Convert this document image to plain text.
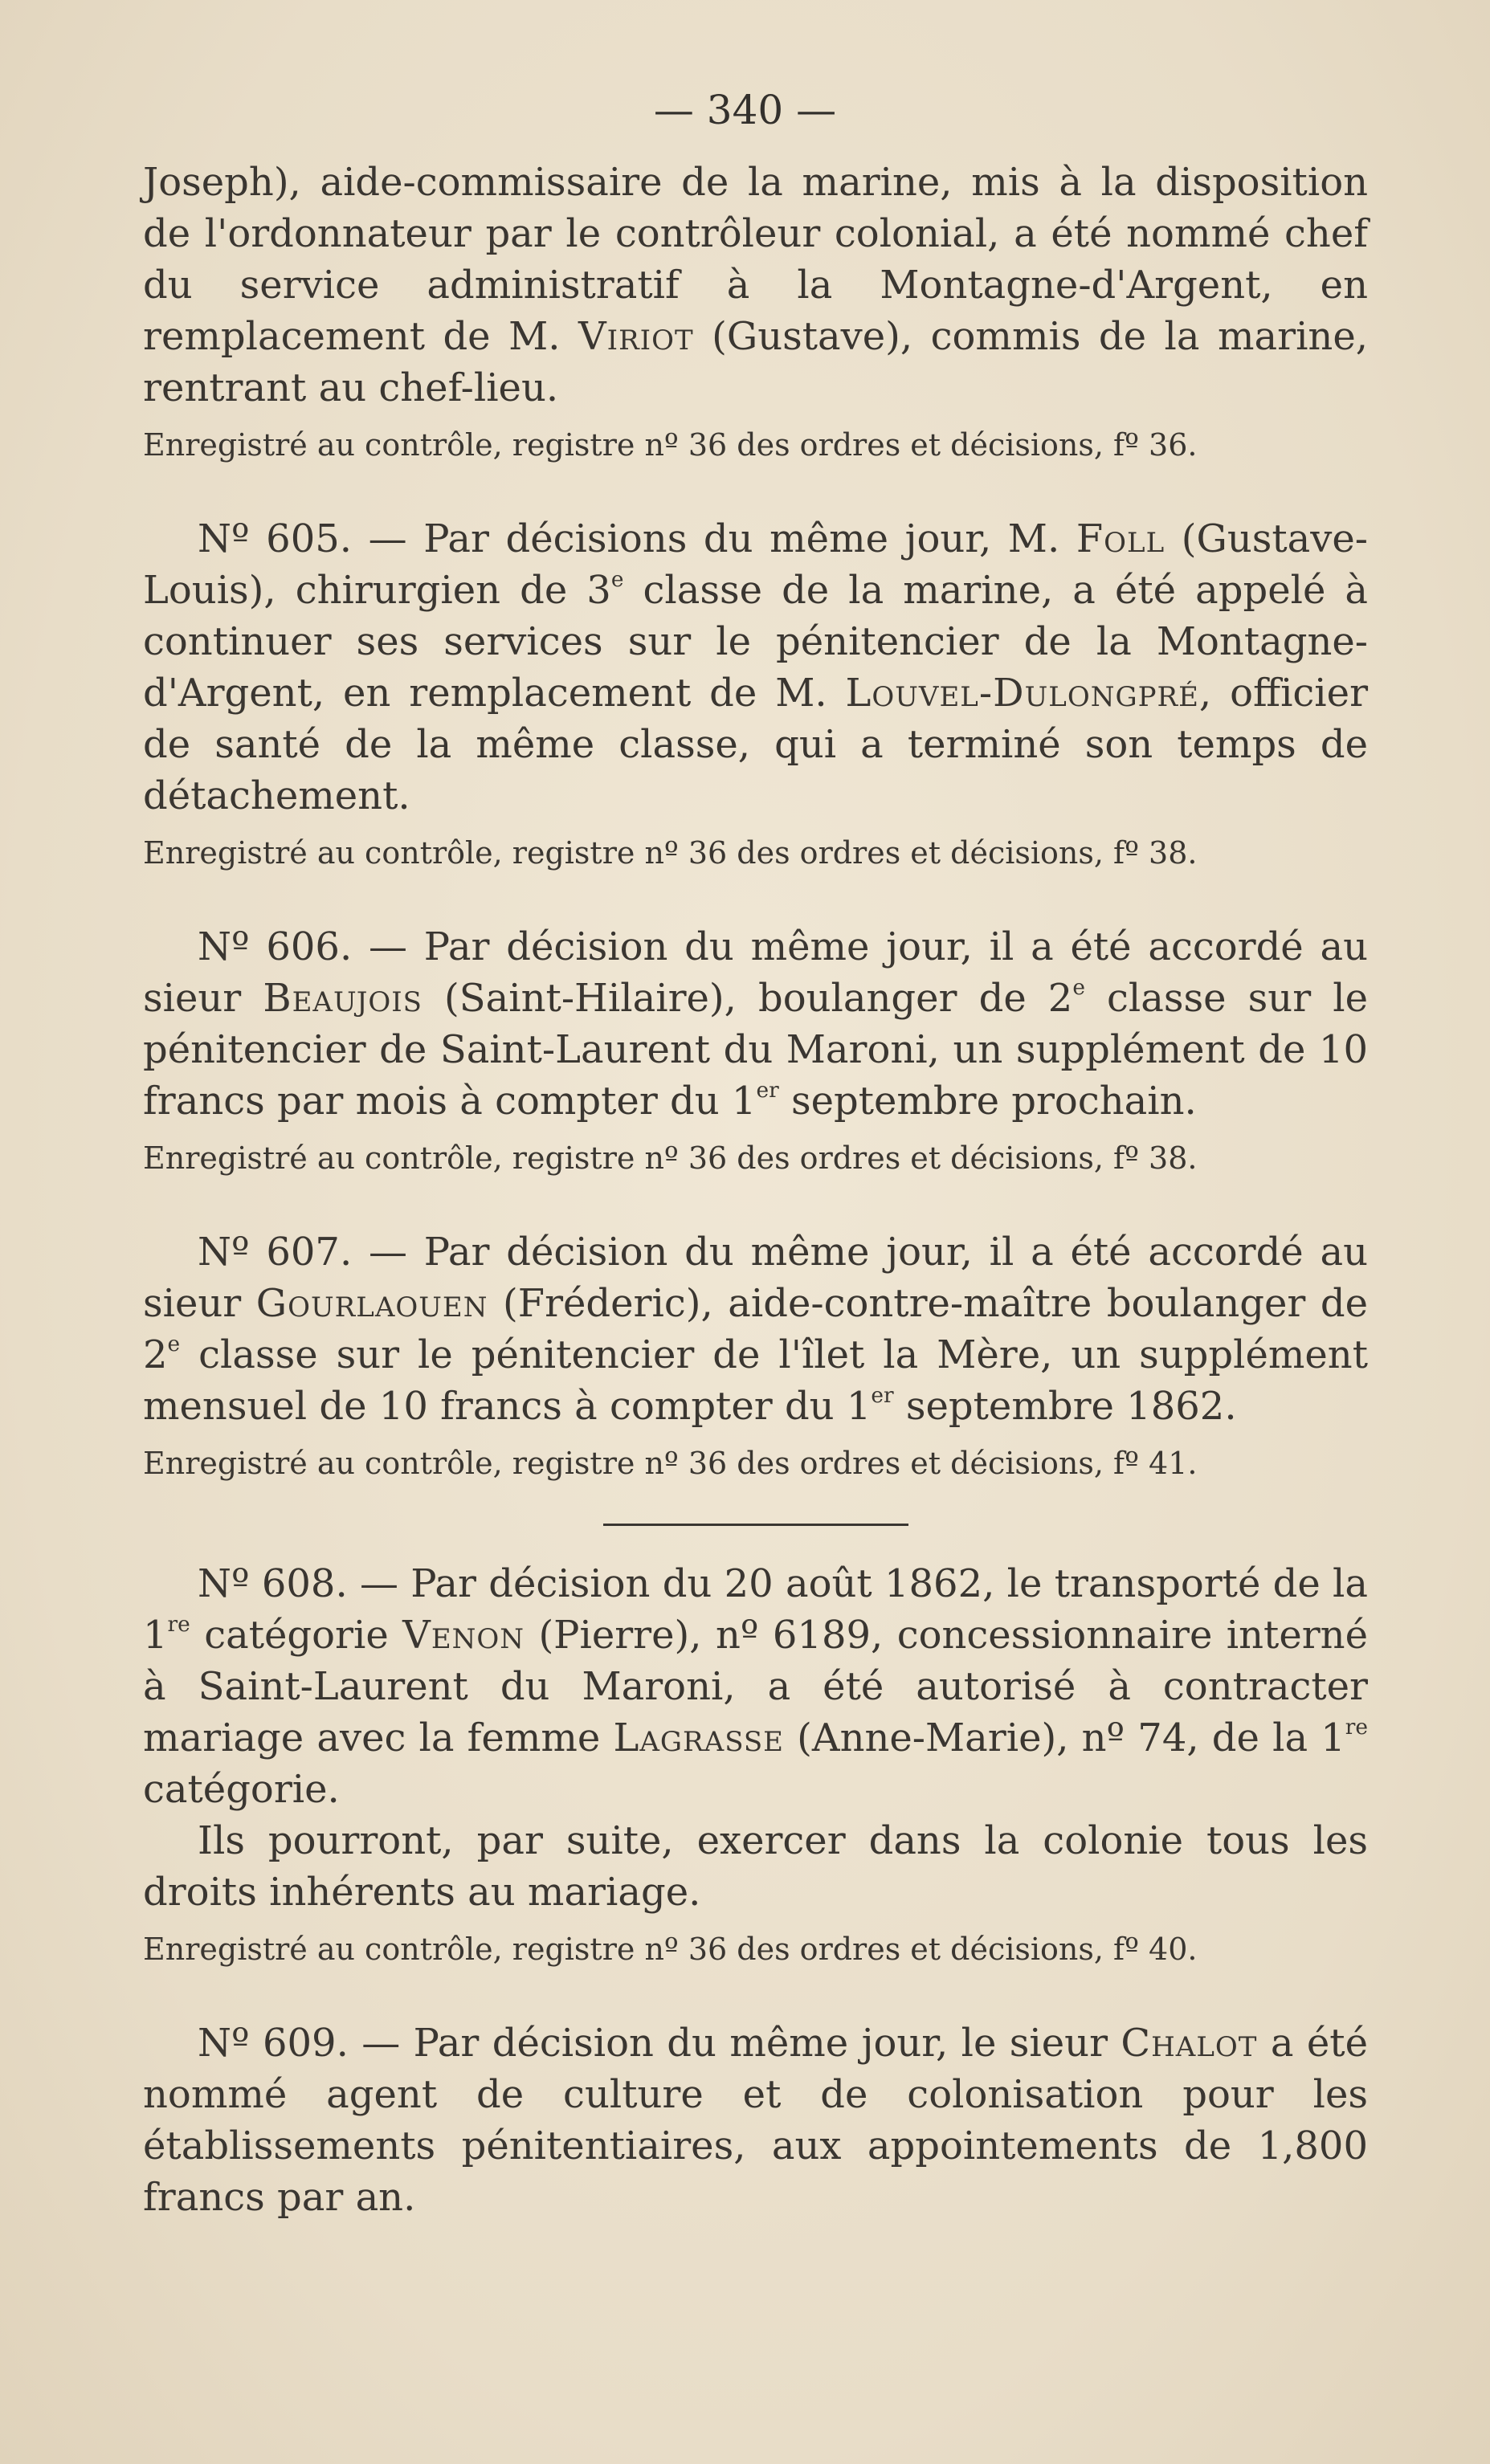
— 340 —

Joseph), aide-commissaire de la marine, mis à la disposition de l'ordonnateur par le contrôleur colonial, a été nommé chef du service administratif à la Montagne-d'Argent, en remplacement de M. Viriot (Gustave), commis de la marine, rentrant au chef-lieu.

Enregistré au contrôle, registre nº 36 des ordres et décisions, fº 36.

Nº 605. — Par décisions du même jour, M. Foll (Gustave-Louis), chirurgien de 3e classe de la marine, a été appelé à continuer ses services sur le pénitencier de la Montagne-d'Argent, en remplacement de M. Louvel-Dulongpré, officier de santé de la même classe, qui a terminé son temps de détachement.

Enregistré au contrôle, registre nº 36 des ordres et décisions, fº 38.

Nº 606. — Par décision du même jour, il a été accordé au sieur Beaujois (Saint-Hilaire), boulanger de 2e classe sur le pénitencier de Saint-Laurent du Maroni, un supplément de 10 francs par mois à compter du 1er septembre prochain.

Enregistré au contrôle, registre nº 36 des ordres et décisions, fº 38.

Nº 607. — Par décision du même jour, il a été accordé au sieur Gourlaouen (Fréderic), aide-contre-maître boulanger de 2e classe sur le pénitencier de l'îlet la Mère, un supplément mensuel de 10 francs à compter du 1er septembre 1862.

Enregistré au contrôle, registre nº 36 des ordres et décisions, fº 41.

Nº 608. — Par décision du 20 août 1862, le transporté de la 1re catégorie Venon (Pierre), nº 6189, concessionnaire interné à Saint-Laurent du Maroni, a été autorisé à contracter mariage avec la femme Lagrasse (Anne-Marie), nº 74, de la 1re catégorie.

Ils pourront, par suite, exercer dans la colonie tous les droits inhérents au mariage.

Enregistré au contrôle, registre nº 36 des ordres et décisions, fº 40.

Nº 609. — Par décision du même jour, le sieur Chalot a été nommé agent de culture et de colonisation pour les établissements pénitentiaires, aux appointements de 1,800 francs par an.
